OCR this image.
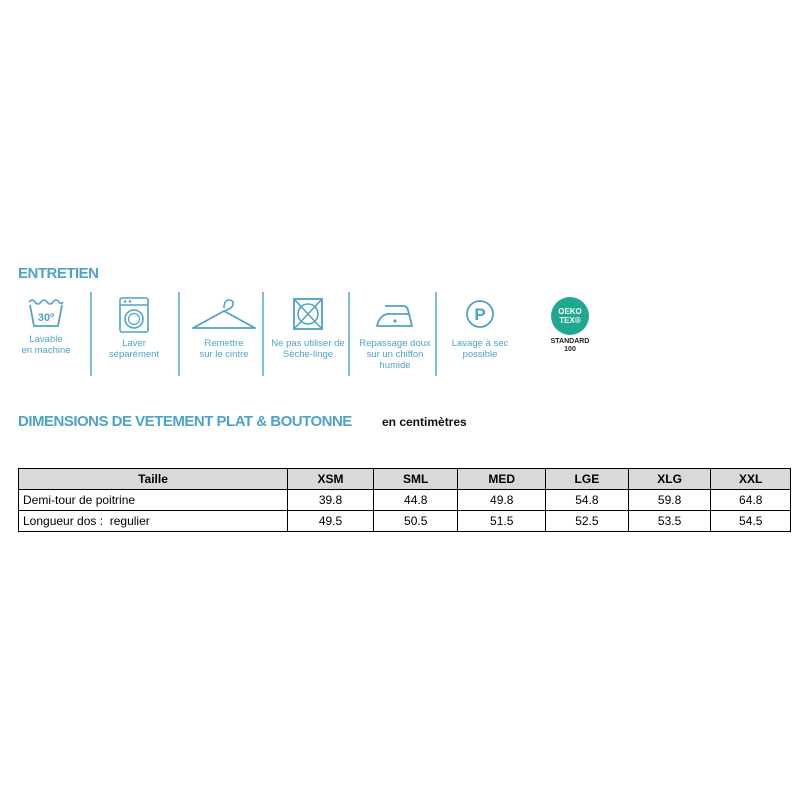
ENTRETIEN
30º
Lavable
en machine
Laver
séparément
Remettre
sur le cintre
Ne pas utiliser de
Sèche-linge
Repassage doux
sur un chiffon
humide
P
Lavage à sec
possible
OEKO
TEX®
STANDARD
100
DIMENSIONS DE VETEMENT PLAT & BOUTONNE	en centimètres
Taille	XSM	SML	MED	LGE	XLG	XXL
Demi-tour de poitrine	39.8	44.8	49.8	54.8	59.8	64.8
Longueur dos :  regulier	49.5	50.5	51.5	52.5	53.5	54.5
